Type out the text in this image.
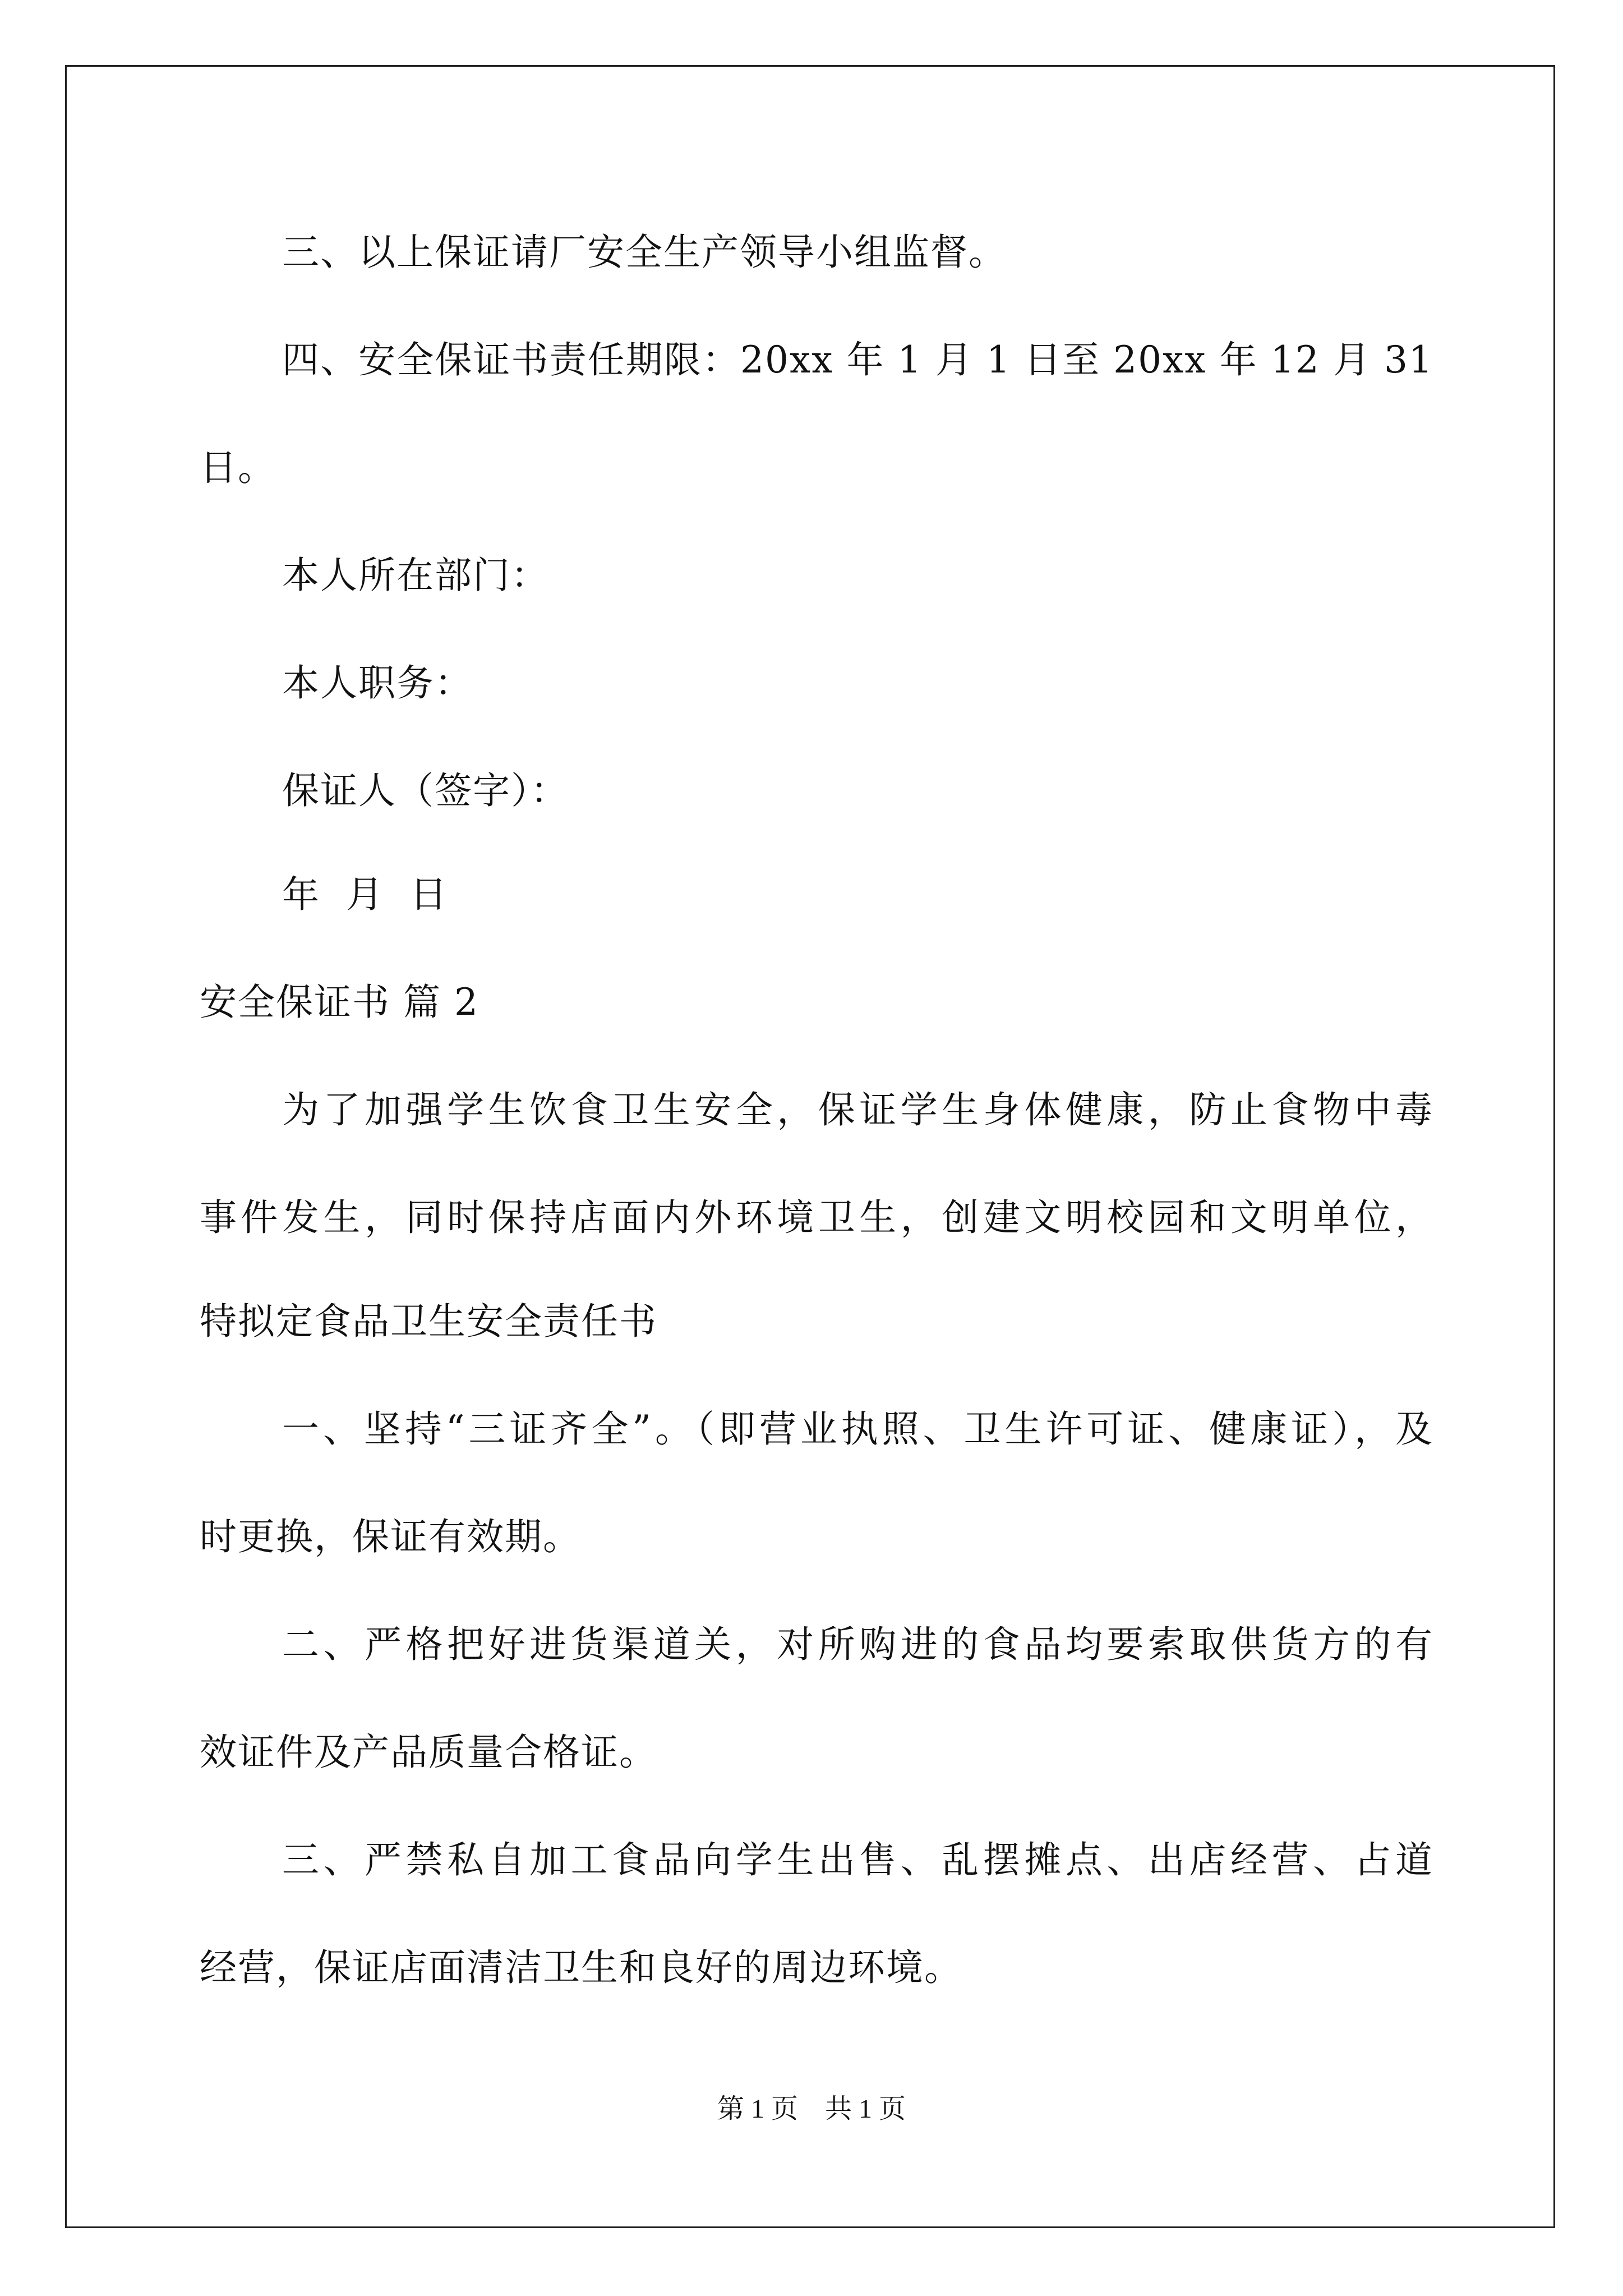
三、以上保证请厂安全生产领导小组监督。
四、安全保证书责任期限：20xx 年 1 月 1 日至 20xx 年 12 月 31
日。
本人所在部门：
本人职务：
保证人（签字）：
年  月  日
安全保证书 篇 2
为了加强学生饮食卫生安全，保证学生身体健康，防止食物中毒
事件发生，同时保持店面内外环境卫生，创建文明校园和文明单位，
特拟定食品卫生安全责任书
一、坚持“三证齐全”。（即营业执照、卫生许可证、健康证），及
时更换，保证有效期。
二、严格把好进货渠道关，对所购进的食品均要索取供货方的有
效证件及产品质量合格证。
三、严禁私自加工食品向学生出售、乱摆摊点、出店经营、占道
经营，保证店面清洁卫生和良好的周边环境。
第 1 页　共 1 页
